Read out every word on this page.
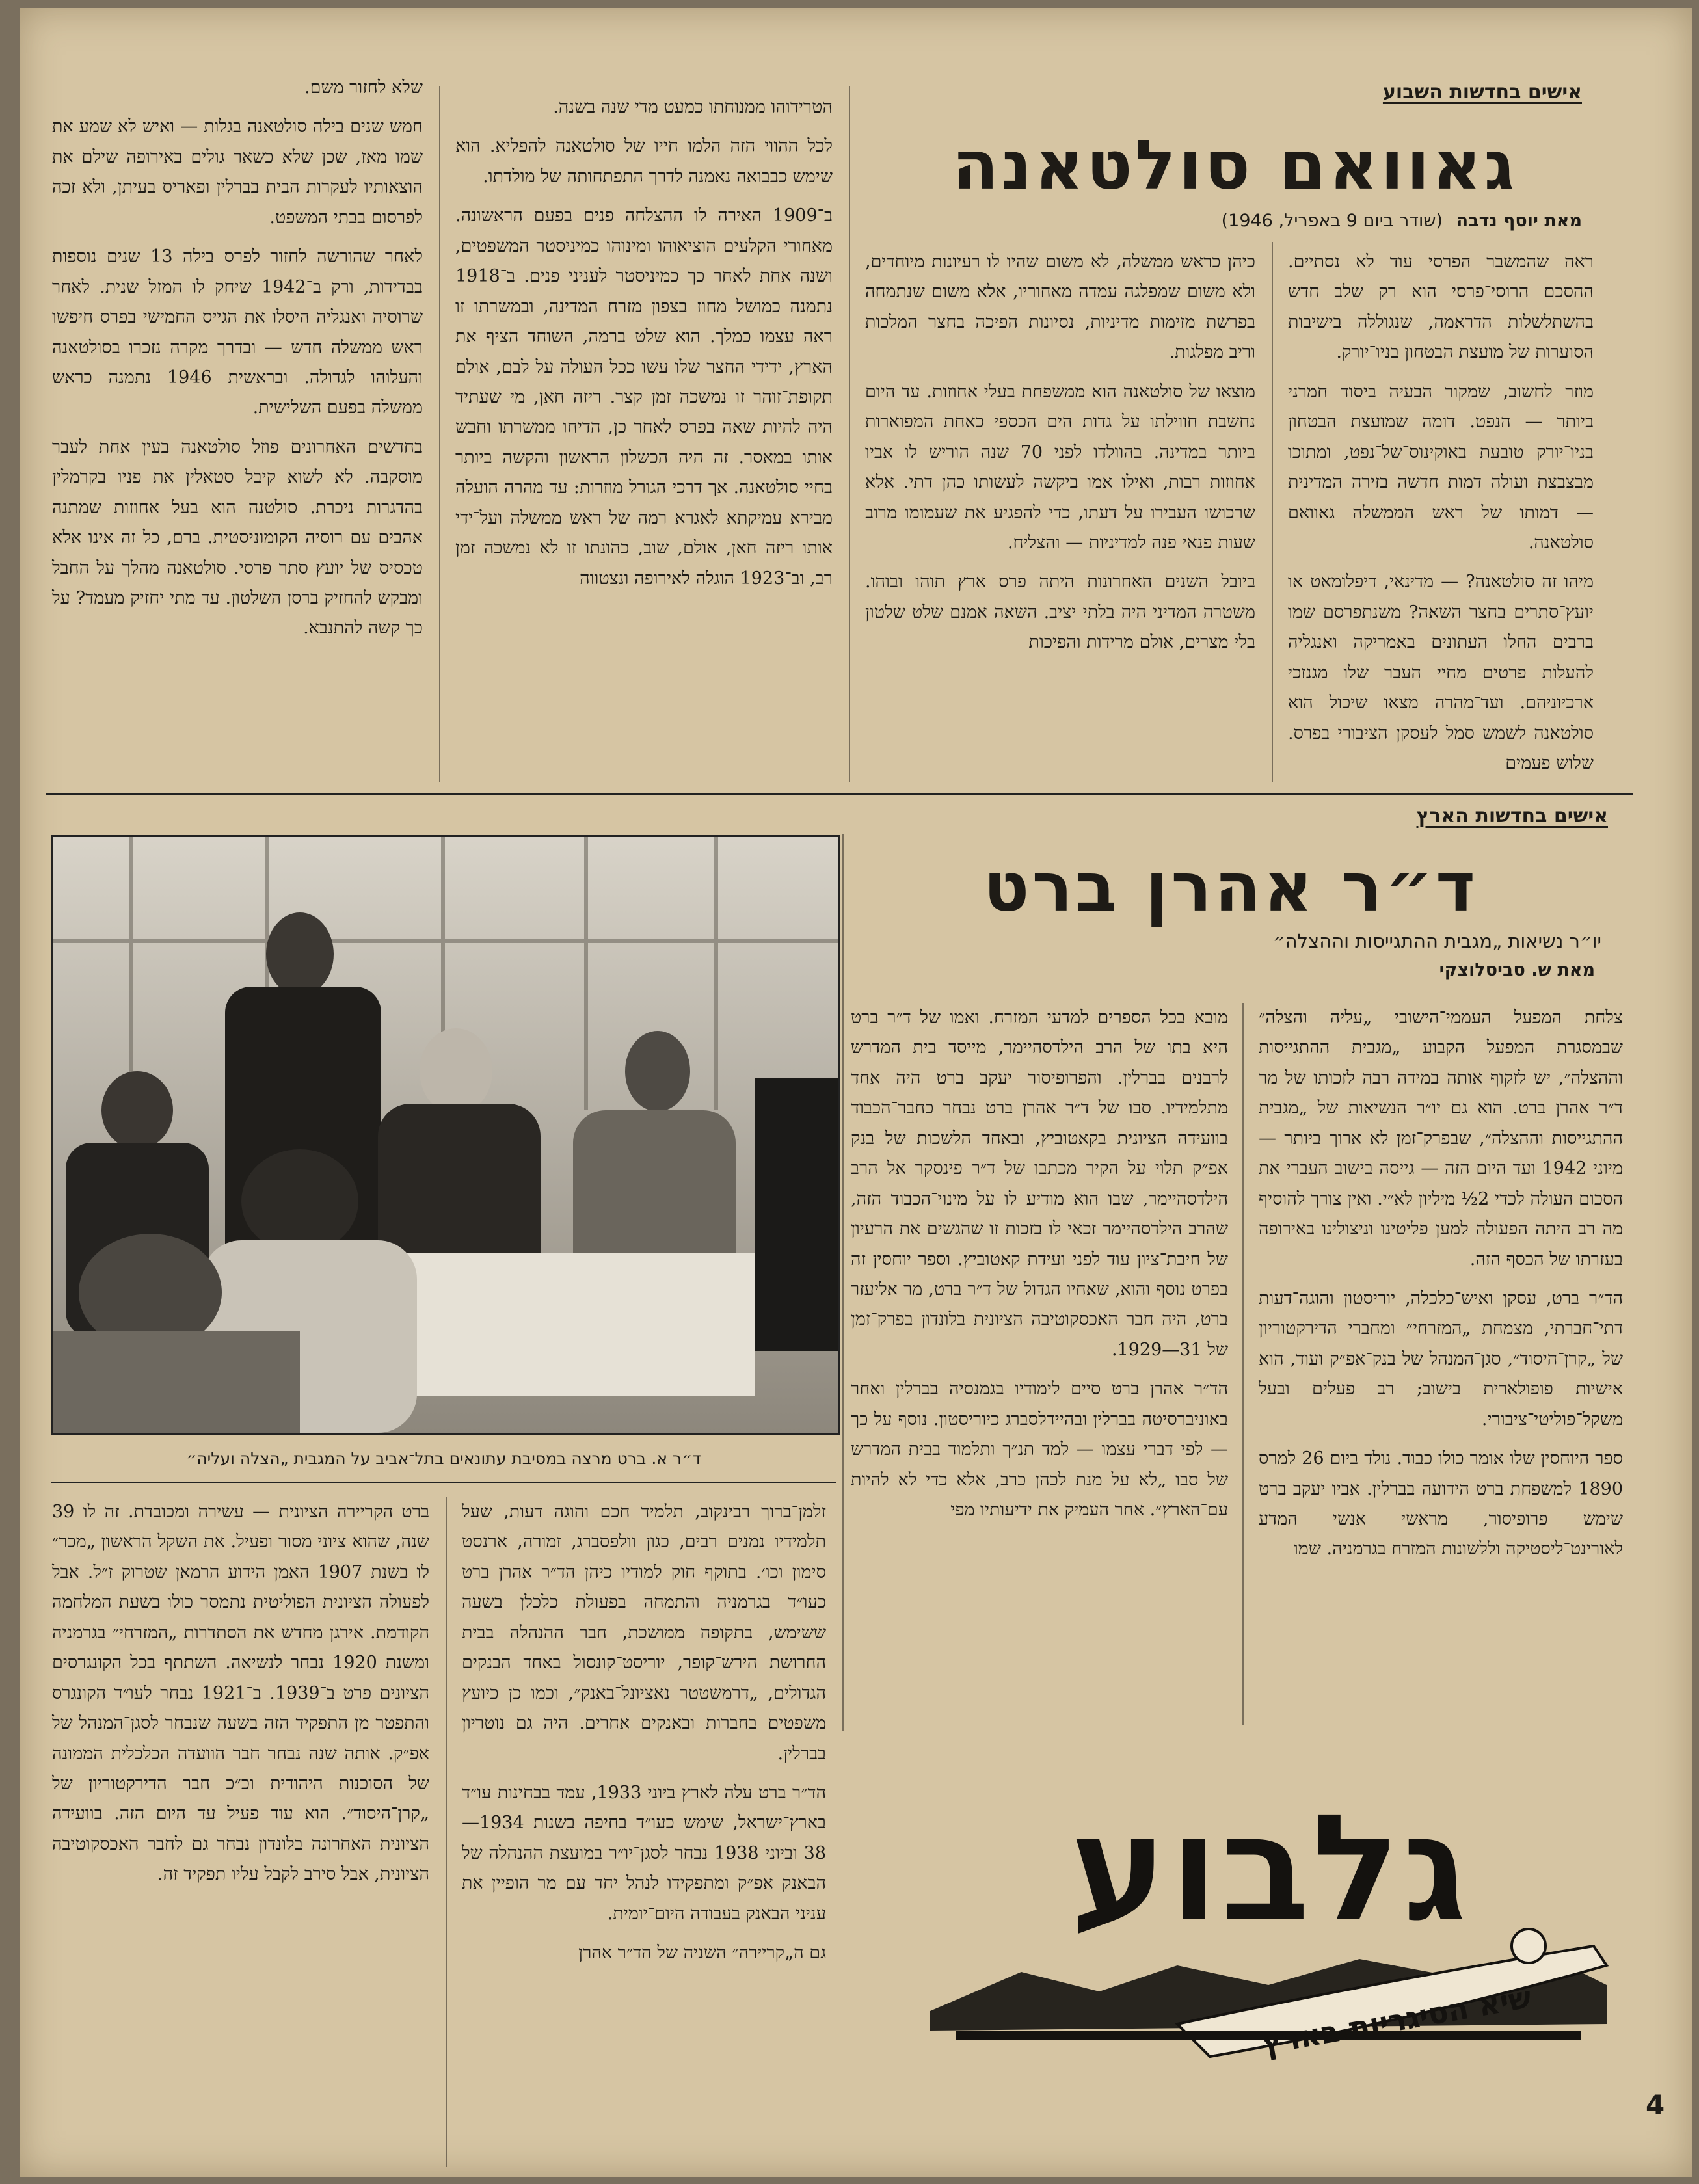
אישים בחדשות השבוע
גאוואם סולטאנה
מאת יוסף נדבה (שודר ביום 9 באפריל, 1946)

ראה שהמשבר הפרסי עוד לא נסתיים. ההסכם הרוסי־פרסי הוא רק שלב חדש בהשתלשלות הדראמה, שנגוללה בישיבות הסוערות של מועצת הבטחון בניו־יורק.

מוזר לחשוב, שמקור הבעיה ביסוד חמרני ביותר — הנפט. דומה שמועצת הבטחון בניו־יורק טובעת באוקינוס־של־נפט, ומתוכו מבצבצת ועולה דמות חדשה בזירה המדינית — דמותו של ראש הממשלה גאוואם סולטאנה.

מיהו זה סולטאנה? — מדינאי, דיפלומאט או יועץ־סתרים בחצר השאה? משנתפרסם שמו ברבים החלו העתונים באמריקה ואנגליה להעלות פרטים מחיי העבר שלו מגנזכי ארכיוניהם. ועד־מהרה מצאו שיכול הוא סולטאנה לשמש סמל לעסקן הציבורי בפרס. שלוש פעמים

כיהן כראש ממשלה, לא משום שהיו לו רעיונות מיוחדים, ולא משום שמפלגה עמדה מאחוריו, אלא משום שנתמחה בפרשת מזימות מדיניות, נסיונות הפיכה בחצר המלכות וריב מפלגות.

מוצאו של סולטאנה הוא ממשפחת בעלי אחוזות. עד היום נחשבת חווילתו על גדות הים הכספי כאחת המפוארות ביותר במדינה. בהוולדו לפני 70 שנה הוריש לו אביו אחוזות רבות, ואילו אמו ביקשה לעשותו כהן דתי. אלא שרכושו העבירו על דעתו, כדי להפגיע את שעמומו מרוב שעות פנאי פנה למדיניות — והצליח.

ביובל השנים האחרונות היתה פרס ארץ תוהו ובוהו. משטרה המדיני היה בלתי יציב. השאה אמנם שלט שלטון בלי מצרים, אולם מרידות והפיכות

הטרידוהו ממנוחתו כמעט מדי שנה בשנה.

לכל ההווי הזה הלמו חייו של סולטאנה להפליא. הוא שימש כבבואה נאמנה לדרך התפתחותה של מולדתו.

ב־1909 האירה לו ההצלחה פנים בפעם הראשונה. מאחורי הקלעים הוציאוהו ומינוהו כמיניסטר המשפטים, ושנה אחת לאחר כך כמיניסטר לעניני פנים. ב־1918 נתמנה כמושל מחוז בצפון מזרח המדינה, ובמשרתו זו ראה עצמו כמלך. הוא שלט ברמה, השוחד הציף את הארץ, ידידי החצר שלו עשו ככל העולה על לבם, אולם תקופת־זוהר זו נמשכה זמן קצר. ריזה חאן, מי שעתיד היה להיות שאה בפרס לאחר כן, הדיחו ממשרתו וחבש אותו במאסר. זה היה הכשלון הראשון והקשה ביותר בחיי סולטאנה. אך דרכי הגורל מוזרות: עד מהרה הועלה מבירא עמיקתא לאגרא רמה של ראש ממשלה ועל־ידי אותו ריזה חאן, אולם, שוב, כהונתו זו לא נמשכה זמן רב, וב־1923 הוגלה לאירופה ונצטווה

שלא לחזור משם.

חמש שנים בילה סולטאנה בגלות — ואיש לא שמע את שמו מאז, שכן שלא כשאר גולים באירופה שילם את הוצאותיו לעקרות הבית בברלין ופאריס בעיתן, ולא זכה לפרסום בבתי המשפט.

לאחר שהורשה לחזור לפרס בילה 13 שנים נוספות בבדידות, ורק ב־1942 שיחק לו המזל שנית. לאחר שרוסיה ואנגליה היסלו את הגייס החמישי בפרס חיפשו ראש ממשלה חדש — ובדרך מקרה נזכרו בסולטאנה והעלוהו לגדולה. ובראשית 1946 נתמנה כראש ממשלה בפעם השלישית.

בחדשים האחרונים פוזל סולטאנה בעין אחת לעבר מוסקבה. לא לשוא קיבל סטאלין את פניו בקרמלין בהדגרות ניכרת. סולטנה הוא בעל אחוזות שמתנה אהבים עם רוסיה הקומוניסטית. ברם, כל זה אינו אלא טכסיס של יועץ סתר פרסי. סולטאנה מהלך על החבל ומבקש להחזיק ברסן השלטון. עד מתי יחזיק מעמד? על כך קשה להתנבא.

אישים בחדשות הארץ
ד״ר אהרן ברט
יו״ר נשיאות „מגבית ההתגייסות וההצלה״
מאת ש. סביסלוצקי
ד״ר א. ברט מרצה במסיבת עתונאים בתל־אביב על המגבית „הצלה ועליה״

צלחת המפעל העממי־הישובי „עליה והצלה״ שבמסגרת המפעל הקבוע „מגבית ההתגייסות וההצלה״, יש לזקוף אותה במידה רבה לזכותו של מר ד״ר אהרן ברט. הוא גם יו״ר הנשיאות של „מגבית ההתגייסות וההצלה״, שבפרק־זמן לא ארוך ביותר — מיוני 1942 ועד היום הזה — גייסה בישוב העברי את הסכום העולה לכדי 2½ מיליון לא״י. ואין צורך להוסיף מה רב היתה הפעולה למען פליטינו וניצולינו באירופה בעזרתו של הכסף הזה.

הד״ר ברט, עסקן ואיש־כלכלה, יוריסטון והוגה־דעות דתי־חברתי, מצמחת „המזרחי״ ומחברי הדירקטוריון של „קרן־היסוד״, סגן־המנהל של בנק־אפ״ק ועוד, הוא אישיות פופולארית בישוב; רב פעלים ובעל משקל־פוליטי־ציבורי.

ספר היוחסין שלו אומר כולו כבוד. נולד ביום 26 למרס 1890 למשפחת ברט הידועה בברלין. אביו יעקב ברט שימש פרופיסור, מראשי אנשי המדע לאורינט־ליסטיקה וללשונות המזרח בגרמניה. שמו

מובא בכל הספרים למדעי המזרח. ואמו של ד״ר ברט היא בתו של הרב הילדסהיימר, מייסד בית המדרש לרבנים בברלין. והפרופיסור יעקב ברט היה אחד מתלמידיו. סבו של ד״ר אהרן ברט נבחר כחבר־הכבוד בוועידה הציונית בקאטוביץ, ובאחד הלשכות של בנק אפ״ק תלוי על הקיר מכתבו של ד״ר פינסקר אל הרב הילדסהיימר, שבו הוא מודיע לו על מינוי־הכבוד הזה, שהרב הילדסהיימר זכאי לו בזכות זו שהגשים את הרעיון של חיבת־ציון עוד לפני ועידת קאטוביץ. וספר יוחסין זה בפרט נוסף והוא, שאחיו הגדול של ד״ר ברט, מר אליעזר ברט, היה חבר האכסקוטיבה הציונית בלונדון בפרק־זמן של 31—1929.

הד״ר אהרן ברט סיים לימודיו בגמנסיה בברלין ואחר באוניברסיטה בברלין ובהיידלסברג כיוריסטון. נוסף על כך — לפי דברי עצמו — למד תנ״ך ותלמוד בבית המדרש של סבו „לא על מנת לכהן כרב, אלא כדי לא להיות עם־הארץ״. אחר העמיק את ידיעותיו מפי

זלמן־ברוך רבינקוב, תלמיד חכם והוגה דעות, שעל תלמידיו נמנים רבים, כגון וולפסברג, זמורה, ארנסט סימון וכו׳. בתוקף חוק למודיו כיהן הד״ר אהרן ברט כעו״ד בגרמניה והתמחה בפעולת כלכלן בשעה ששימש, בתקופה ממושכת, חבר ההנהלה בבית החרושת הירש־קופר, יוריסט־קונסול באחד הבנקים הגדולים, „דרמשטטר נאציונל־באנק״, וכמו כן כיועץ משפטים בחברות ובאנקים אחרים. היה גם נוטריון בברלין.

הד״ר ברט עלה לארץ ביוני 1933, עמד בבחינות עו״ד בארץ־ישראל, שימש כעו״ד בחיפה בשנות 1934—38 וביוני 1938 נבחר לסגן־יו״ר במועצת ההנהלה של הבאנק אפ״ק ומתפקידו לנהל יחד עם מר הופיין את עניני הבאנק בעבודה היום־יומית.

גם ה„קריירה״ השניה של הד״ר אהרן

ברט הקריירה הציונית — עשירה ומכובדת. זה לו 39 שנה, שהוא ציוני מסור ופעיל. את השקל הראשון „מכר״ לו בשנת 1907 האמן הידוע הרמאן שטרוק ז״ל. אבל לפעולה הציונית הפוליטית נתמסר כולו בשעת המלחמה הקודמת. אירגן מחדש את הסתדרות „המזרחי״ בגרמניה ומשנת 1920 נבחר לנשיאה. השתתף בכל הקונגרסים הציונים פרט ב־1939. ב־1921 נבחר לעו״ד הקונגרס והתפטר מן התפקיד הזה בשעה שנבחר לסגן־המנהל של אפ״ק. אותה שנה נבחר חבר הוועדה הכלכלית הממונה של הסוכנות היהודית וכ״כ חבר הדירקטוריון של „קרן־היסוד״. הוא עוד פעיל עד היום הזה. בוועידה הציונית האחרונה בלונדון נבחר גם לחבר האכסקוטיבה הציונית, אבל סירב לקבל עליו תפקיד זה.	גלבוע
שיא הסיגריות בארץ
4
